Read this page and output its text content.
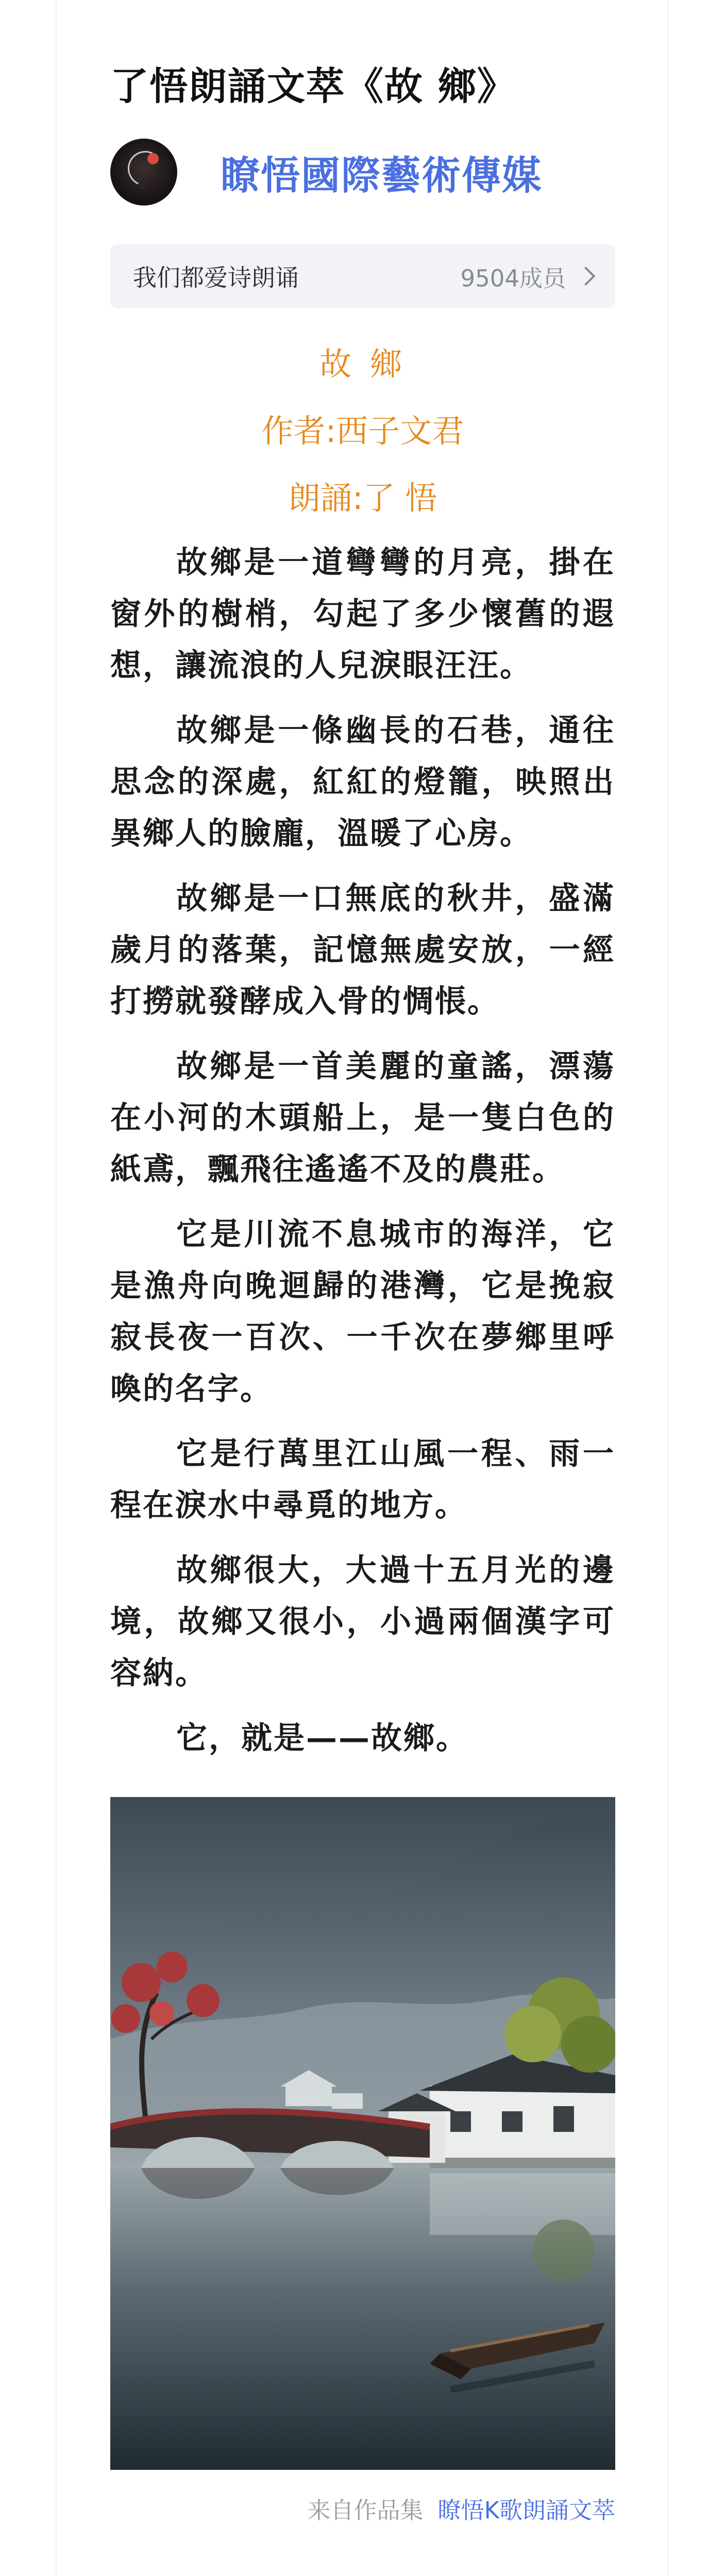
了悟朗誦文萃《故 鄉》
· · ·	瞭悟國際藝術傳媒
我们都爱诗朗诵	9504成员

故 鄉

作者:西子文君

朗誦:了 悟

故鄉是一道彎彎的月亮，掛在窗外的樹梢，勾起了多少懷舊的遐想，讓流浪的人兒淚眼汪汪。

故鄉是一條幽長的石巷，通往思念的深處，紅紅的燈籠，映照出異鄉人的臉龐，溫暖了心房。

故鄉是一口無底的秋井，盛滿歲月的落葉，記憶無處安放，一經打撈就發酵成入骨的惆悵。

故鄉是一首美麗的童謠，漂蕩在小河的木頭船上，是一隻白色的紙鳶，飄飛往遙遙不及的農莊。

它是川流不息城市的海洋，它是漁舟向晚迴歸的港灣，它是挽寂寂長夜一百次、一千次在夢鄉里呼喚的名字。

它是行萬里江山風一程、雨一程在淚水中尋覓的地方。

故鄉很大，大過十五月光的邊境，故鄉又很小，小過兩個漢字可容納。

它，就是——故鄉。

来自作品集 瞭悟K歌朗誦文萃
